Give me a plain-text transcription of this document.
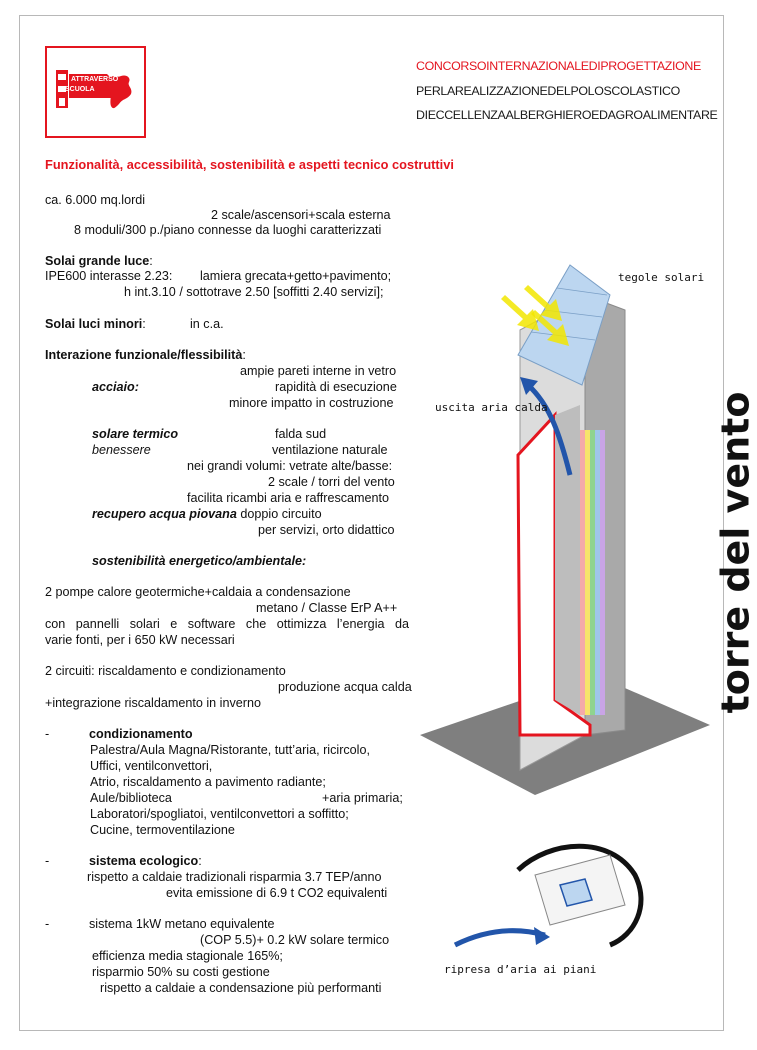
ATTRAVERSO
SCUOLA
CONCORSOINTERNAZIONALEDIPROGETTAZIONE
PERLAREALIZZAZIONEDELPOLOSCOLASTICO
DIECCELLENZAALBERGHIEROEDAGROALIMENTARE
Funzionalità, accessibilità, sostenibilità e aspetti tecnico costruttivi
ca. 6.000 mq.lordi
2 scale/ascensori+scala esterna
8 moduli/300 p./piano connesse da luoghi caratterizzati
Solai grande luce:
IPE600 interasse 2.23: lamiera grecata+getto+pavimento;
h int.3.10 / sottotrave 2.50 [soffitti 2.40 servizi];
Solai luci minori:	in c.a.
Interazione funzionale/flessibilità:
ampie pareti interne in vetro
acciaio:	rapidità di esecuzione
minore impatto in costruzione
solare termico	falda sud
benessere	ventilazione naturale
nei grandi volumi: vetrate alte/basse:
2 scale / torri del vento
facilita ricambi aria e raffrescamento
recupero acqua piovana doppio circuito
per servizi, orto didattico
sostenibilità energetico/ambientale:
2 pompe calore geotermiche+caldaia a condensazione
metano / Classe ErP A++
con pannelli solari e software che ottimizza l’energia da
varie fonti, per i 650 kW necessari
2 circuiti: riscaldamento e condizionamento
produzione acqua calda
+integrazione riscaldamento in inverno
-	condizionamento
Palestra/Aula Magna/Ristorante, tutt’aria, ricircolo,
Uffici, ventilconvettori,
Atrio, riscaldamento a pavimento radiante;
Aule/biblioteca	+aria primaria;
Laboratori/spogliatoi, ventilconvettori a soffitto;
Cucine, termoventilazione
-	sistema ecologico:
rispetto a caldaie tradizionali risparmia 3.7 TEP/anno
evita emissione di 6.9 t CO2 equivalenti
-	sistema 1kW metano equivalente
(COP 5.5)+ 0.2 kW solare termico
efficienza media stagionale 165%;
risparmio 50% su costi gestione
rispetto a caldaie a condensazione più performanti
tegole solari
uscita aria calda	torre del vento
ripresa d’aria ai piani
